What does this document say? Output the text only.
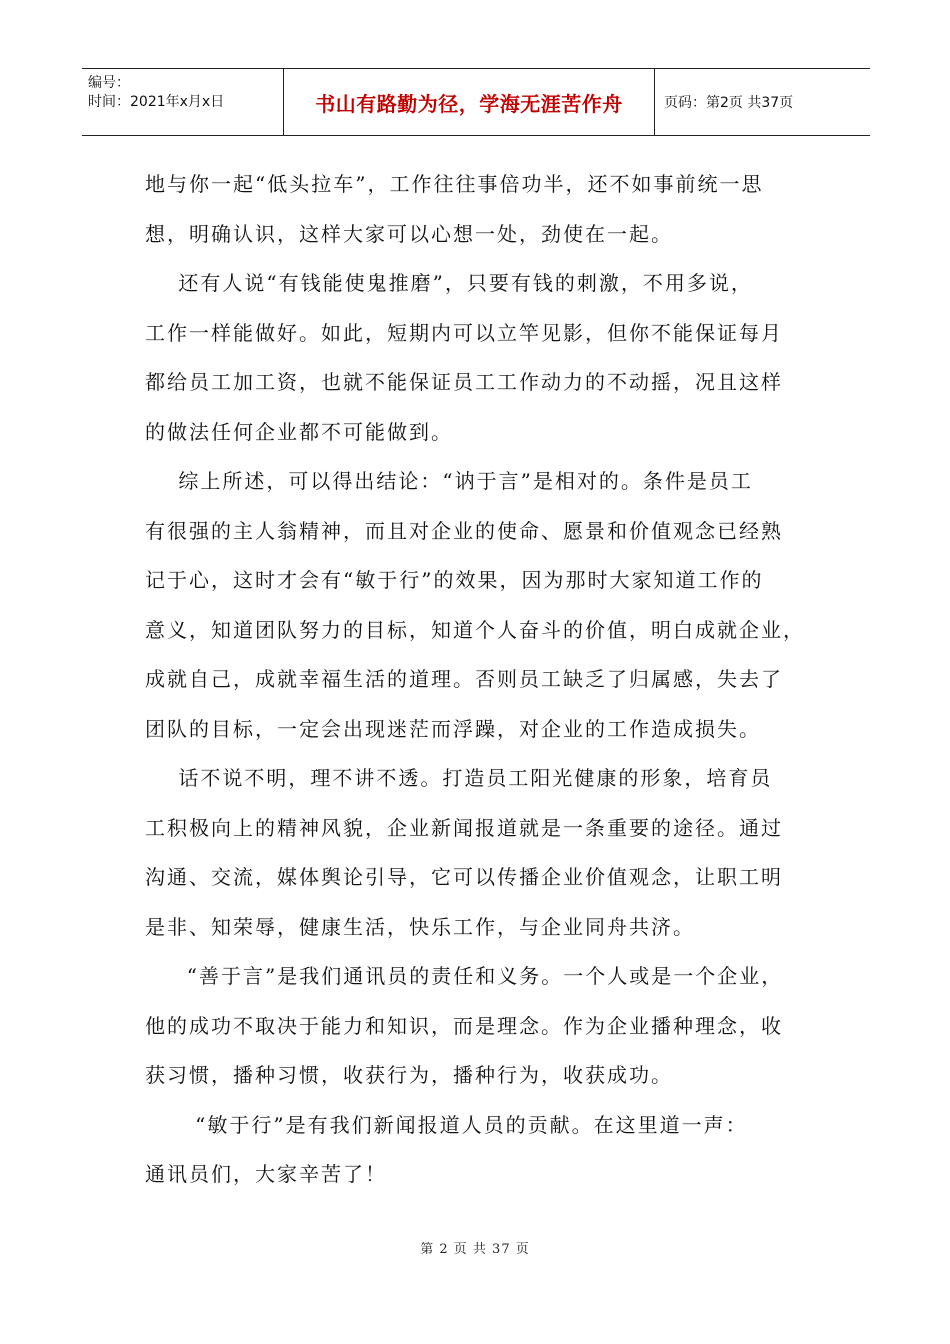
编号：
时间：2021年x月x日	书山有路勤为径，学海无涯苦作舟	页码：第2页 共37页

地与你一起“低头拉车”，工作往往事倍功半，还不如事前统一思

想，明确认识，这样大家可以心想一处，劲使在一起。

还有人说“有钱能使鬼推磨”，只要有钱的刺激，不用多说，

工作一样能做好。如此，短期内可以立竿见影，但你不能保证每月

都给员工加工资，也就不能保证员工工作动力的不动摇，况且这样

的做法任何企业都不可能做到。

综上所述，可以得出结论：“讷于言”是相对的。条件是员工

有很强的主人翁精神，而且对企业的使命、愿景和价值观念已经熟

记于心，这时才会有“敏于行”的效果，因为那时大家知道工作的

意义，知道团队努力的目标，知道个人奋斗的价值，明白成就企业，

成就自己，成就幸福生活的道理。否则员工缺乏了归属感，失去了

团队的目标，一定会出现迷茫而浮躁，对企业的工作造成损失。

话不说不明，理不讲不透。打造员工阳光健康的形象，培育员

工积极向上的精神风貌，企业新闻报道就是一条重要的途径。通过

沟通、交流，媒体舆论引导，它可以传播企业价值观念，让职工明

是非、知荣辱，健康生活，快乐工作，与企业同舟共济。

“善于言”是我们通讯员的责任和义务。一个人或是一个企业，

他的成功不取决于能力和知识，而是理念。作为企业播种理念，收

获习惯，播种习惯，收获行为，播种行为，收获成功。

“敏于行”是有我们新闻报道人员的贡献。在这里道一声：

通讯员们，大家辛苦了！

第 2 页 共 37 页
